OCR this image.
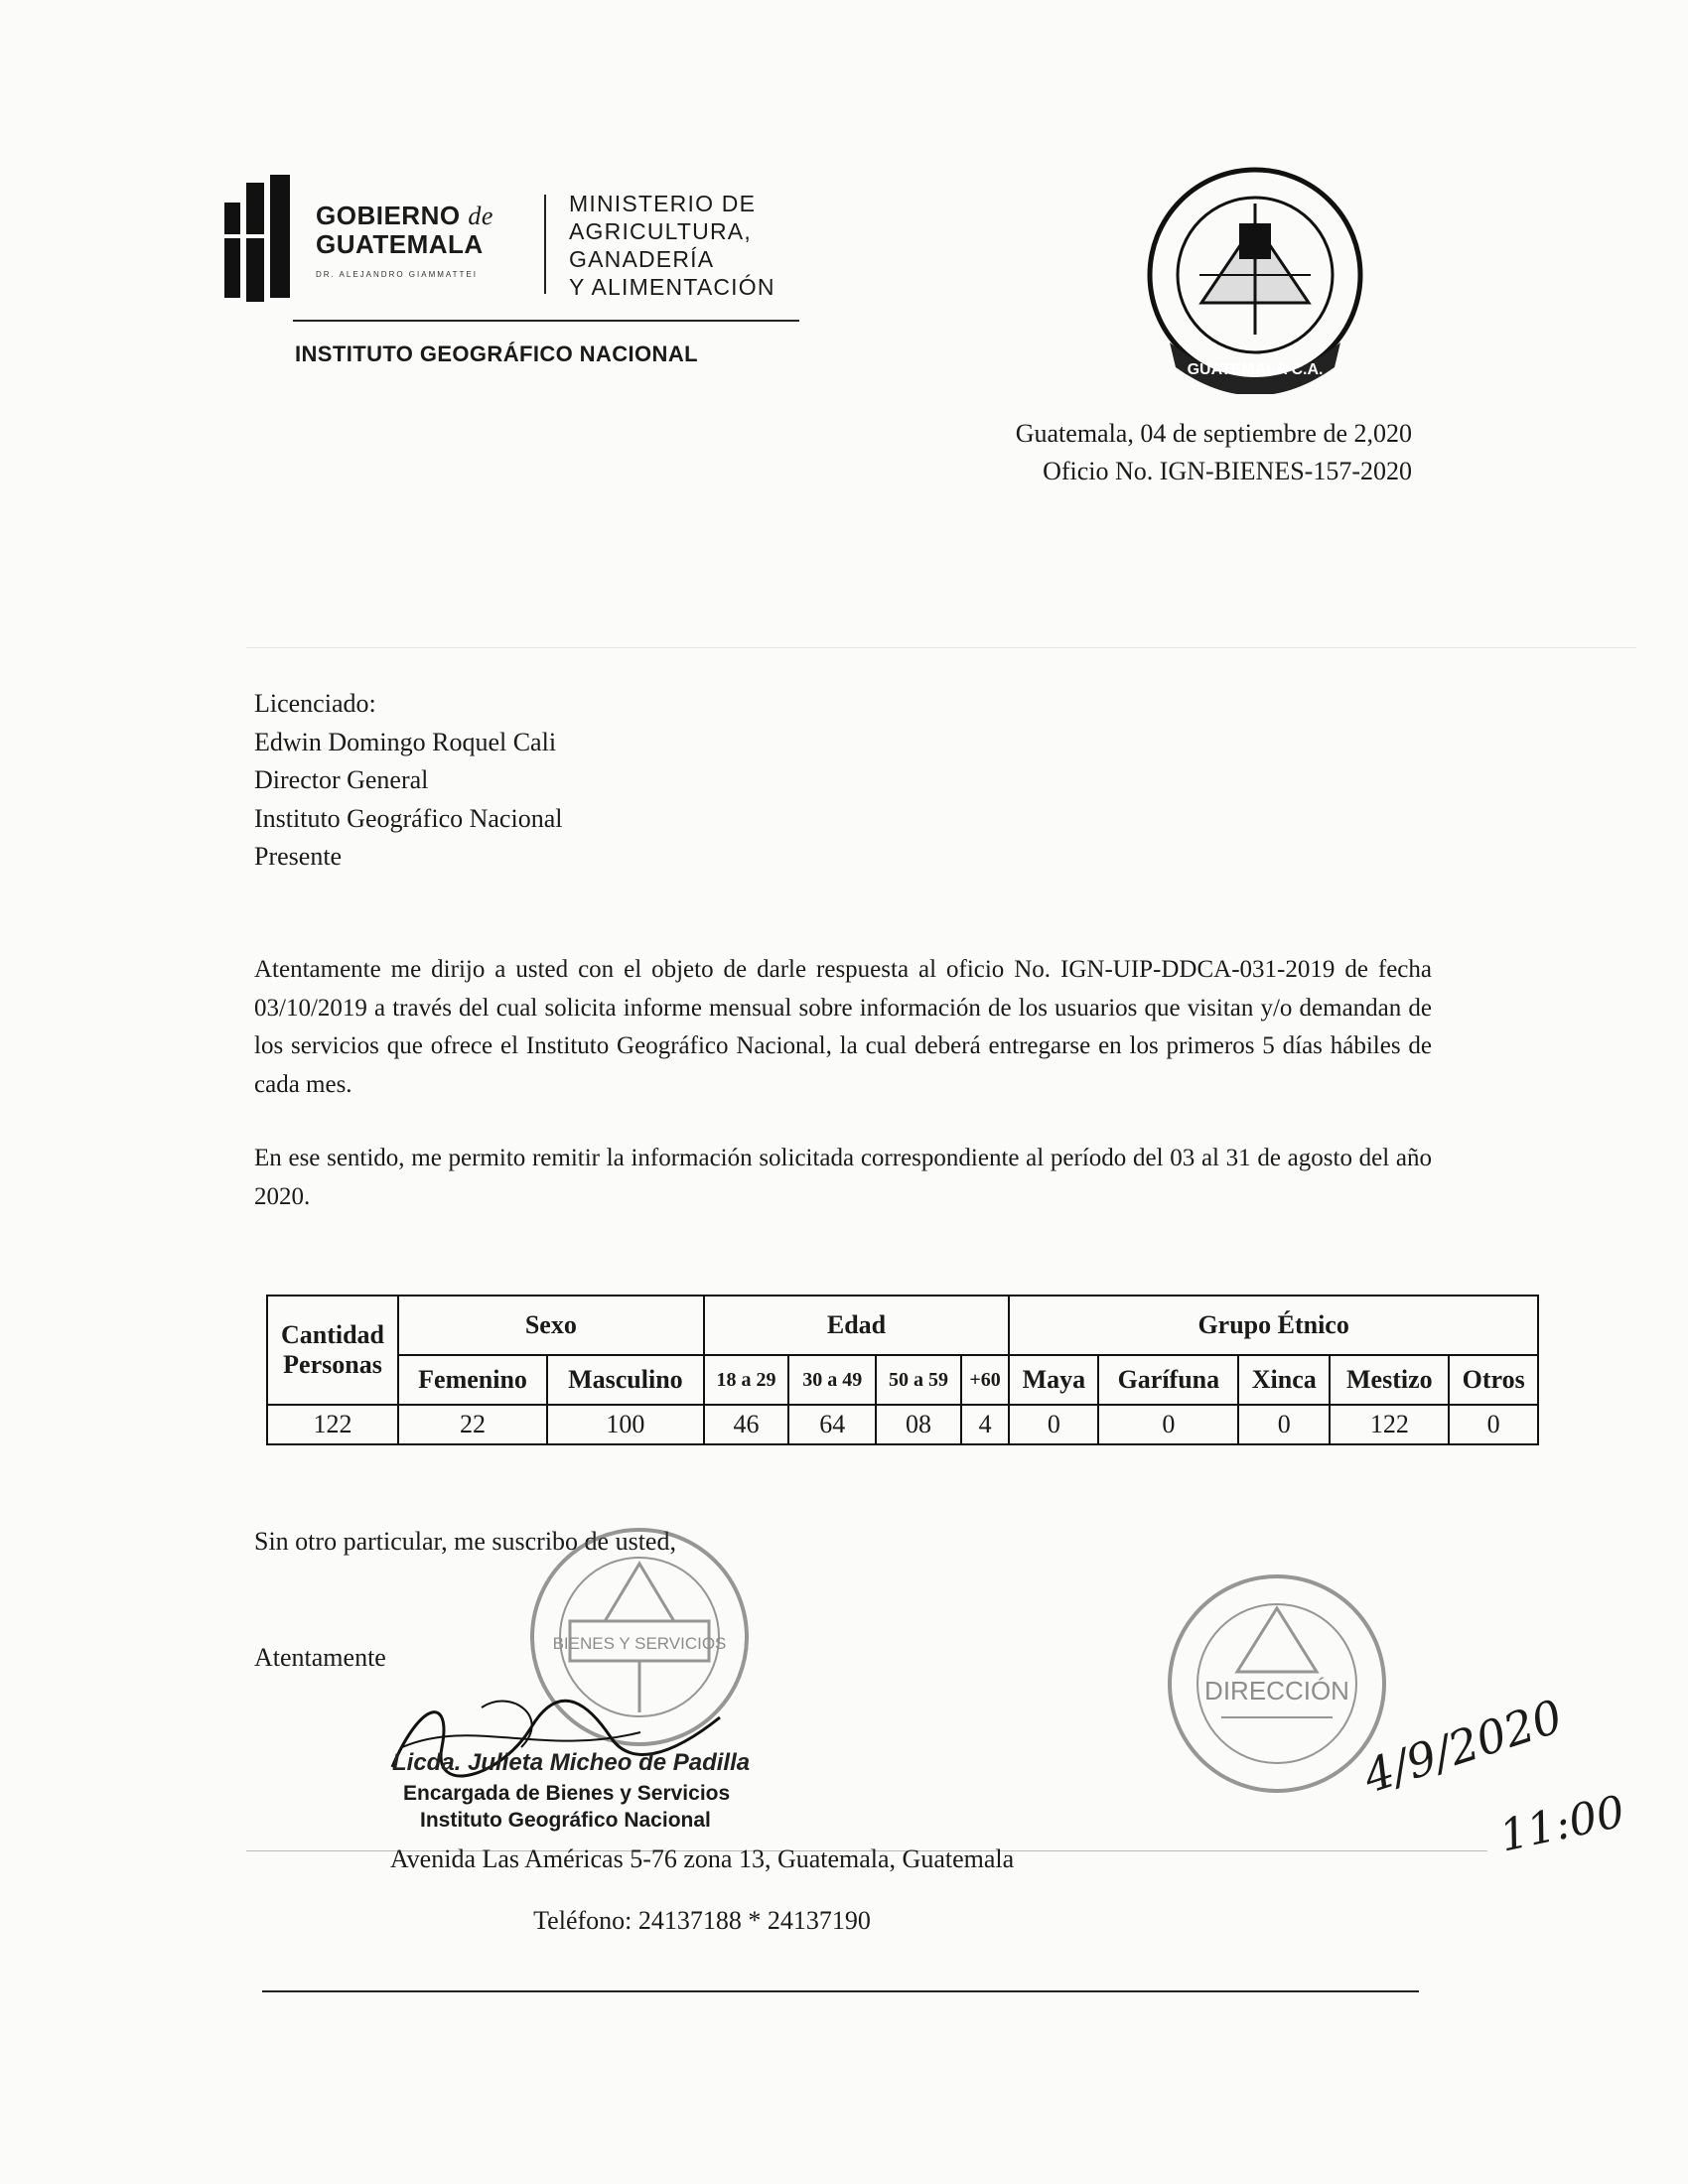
GOBIERNO de
GUATEMALA
DR. ALEJANDRO GIAMMATTEI
MINISTERIO DE
AGRICULTURA,
GANADERÍA
Y ALIMENTACIÓN
INSTITUTO GEOGRÁFICO NACIONAL
GUATEMALA C.A.
Guatemala, 04 de septiembre de 2,020
Oficio No. IGN-BIENES-157-2020
Licenciado:
Edwin Domingo Roquel Cali
Director General
Instituto Geográfico Nacional
Presente
Atentamente me dirijo a usted con el objeto de darle respuesta al oficio No. IGN-UIP-DDCA-031-2019 de fecha 03/10/2019 a través del cual solicita informe mensual sobre información de los usuarios que visitan y/o demandan de los servicios que ofrece el Instituto Geográfico Nacional, la cual deberá entregarse en los primeros 5 días hábiles de cada mes.
En ese sentido, me permito remitir la información solicitada correspondiente al período del 03 al 31 de agosto del año 2020.
Cantidad Personas	Sexo		Edad				Grupo Étnico				
	Femenino	Masculino	18 a 29	30 a 49	50 a 59	+60	Maya	Garífuna	Xinca	Mestizo	Otros
122	22	100	46	64	08	4	0	0	0	122	0
Sin otro particular, me suscribo de usted,
Atentamente	BIENES Y SERVICIOS
Licda. Julieta Micheo de Padilla
Encargada de Bienes y Servicios
Instituto Geográfico Nacional
DIRECCIÓN 4/9/2020
11:00
Avenida Las Américas 5-76 zona 13, Guatemala, Guatemala
Teléfono: 24137188 * 24137190
